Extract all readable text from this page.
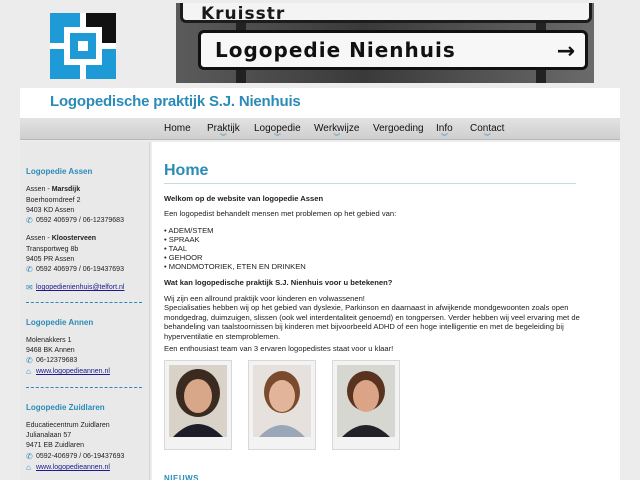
Kruisstr
Logopedie Nienhuis	→
Logopedische praktijk S.J. Nienhuis
Home Praktijk
︾
Logopedie
︾
Werkwijze
︾
Vergoeding Info
︾
Contact
︾
Logopedie Assen
Assen - Marsdijk
Boerhoorndreef 2
9403 KD Assen
✆ 0592 406979 / 06-12379683
Assen - Kloosterveen
Transportweg 8b
9405 PR Assen
✆ 0592 406979 / 06-19437693
✉ logopedienienhuis@telfort.nl
Logopedie Annen
Molenakkers 1
9468 BK Annen
✆ 06-12379683
⌂ www.logopedieannen.nl
Logopedie Zuidlaren
Educatiecentrum Zuidlaren
Julianalaan 57
9471 EB Zuidlaren
✆ 0592-406979 / 06-19437693
⌂ www.logopedieannen.nl
Home
Welkom op de website van logopedie Assen
Een logopedist behandelt mensen met problemen op het gebied van:
• ADEM/STEM
• SPRAAK
• TAAL
• GEHOOR
• MONDMOTORIEK, ETEN EN DRINKEN
Wat kan logopedische praktijk S.J. Nienhuis voor u betekenen?
Wij zijn een allround praktijk voor kinderen en volwassenen!
Specialisaties hebben wij op het gebied van dyslexie, Parkinson en daarnaast in afwijkende mondgewoonten zoals open mondgedrag, duimzuigen, slissen (ook wel interdentaliteit genoemd) en tongpersen. Verder hebben wij veel ervaring met de behandeling van taalstoornissen bij kinderen met bijvoorbeeld ADHD of een hoge intelligentie en met de begeleiding bij hyperventilatie en stemproblemen.
Een enthousiast team van 3 ervaren logopedistes staat voor u klaar!
NIEUWS
